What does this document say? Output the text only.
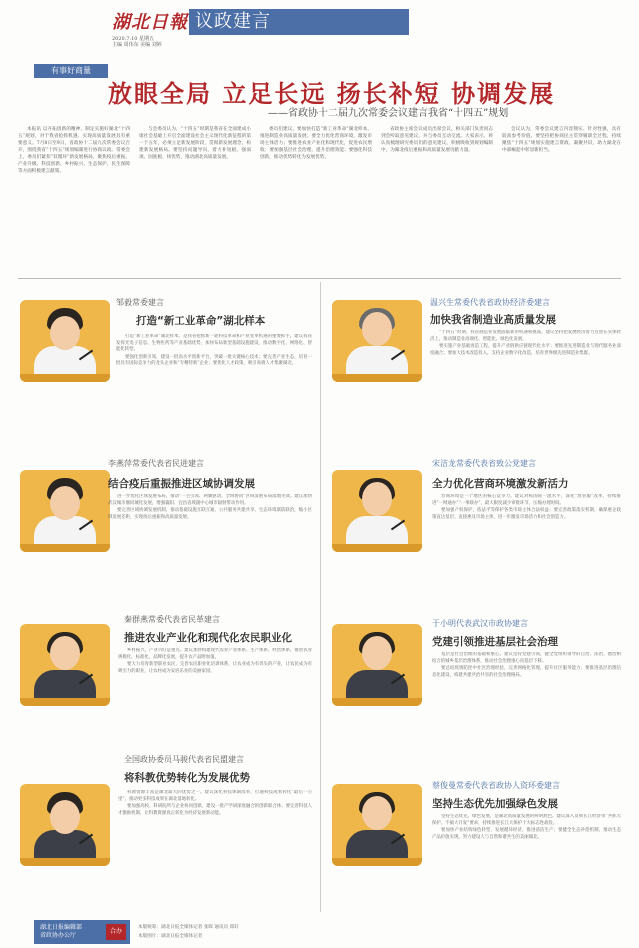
湖北日報
2020.7.10 星期五
主编 周伟东 美编 刘婷
议政建言	07
有事好商量
放眼全局 立足长远 扬长补短 协调发展
——省政协十二届九次常委会议建言我省“十四五”规划

本报讯 以开拓创新的精神、制定实施好湖北“十四五”规划，对于我省抢抓机遇、实现高质量发展具有重要意义。7月8日至9日，省政协十二届九次常委会议召开，围绕我省“十四五”规划编制进行协商议政。常委会上，委员们紧扣“双循环”新发展格局，聚焦疫后重振、产业升级、科技创新、乡村振兴、生态保护、民生保障等方面积极建言献策。

与会委员认为，“十四五”时期是我省在全面建成小康社会基础上开启全面建设社会主义现代化新征程的第一个五年，必须立足新发展阶段，贯彻新发展理念，构建新发展格局。要坚持问题导向，着力补短板、强弱项、固底板、扬优势，推动湖北高质量发展。

委员们建议，要加快打造“新工业革命”湖北样本，推进制造业高质量发展；要全力优化营商环境，激发市场主体活力；要推进农业产业化和现代化，促进农民增收；要加强基层社会治理，提升治理效能；要强化科技创新，推动优势转化为发展优势。

省政协主席会议成员出席会议，相关部门负责同志到会听取意见建议，并与委员互动交流。大家表示，将认真梳理研究委员们的意见建议，积极吸收到规划编制中，为湖北疫后重振和高质量发展贡献力量。

会议认为，常委会议建言内容翔实、针对性强，具有较高参考价值。要坚持把协商民主贯穿履职全过程，持续聚焦“十四五”规划实施建言资政、凝聚共识，助力湖北在中部崛起中彰显新担当。

邹毅常委建言
打造“新工业革命”湖北样本

打造“新工业革命”湖北样本，是我省抢抓新一轮科技革命和产业变革机遇的重要抓手。建议我省发挥光电子信息、生物医药等产业基础优势，加快布局新型基础设施建设，推动数字化、网络化、智能化转型。

要强化创新引领，建设一批高水平创新平台，突破一批关键核心技术；要完善产业生态，培育一批具有国际竞争力的龙头企业和“专精特新”企业；要优化人才政策，吸引高端人才集聚湖北。

李燕萍常委代表省民进建言
结合疫后重振推进区域协调发展

进一步优化区域发展布局，推动“一主引领、两翼驱动、全域协同”区域发展布局落地见效。建议加快武汉城市圈同城化发展，增强襄阳、宜昌省域副中心城市辐射带动作用。

要完善区域协调发展机制，推动基础设施互联互通、公共服务共建共享、生态环境联防联治，缩小区域发展差距，实现疫后重振和高质量发展。

秦群燕常委代表省民革建言
推进农业产业化和现代化农民职业化

乡村振兴，产业兴旺是重点。建议加快构建现代农业产业体系、生产体系、经营体系，推进农业规模化、标准化、品牌化发展，提升农产品附加值。

要大力培育新型职业农民，完善农民职业化培训体系，让农业成为有奔头的产业，让农民成为有吸引力的职业，让农村成为安居乐业的美丽家园。

全国政协委员马骏代表省民盟建言
将科教优势转化为发展优势

科教资源丰富是湖北最大的优势之一。建议深化科技体制改革，打通科技成果转化“最后一公里”，推动更多科技成果在湖北落地转化。

要加强高校、科研院所与企业协同创新，建设一批产学研深度融合的创新联合体；要完善科技人才激励机制，让科教资源真正转化为经济发展新动能。

温兴生常委代表省政协经济委建言
加快我省制造业高质量发展

“十四五”时期，我省制造业发展面临新的机遇和挑战。建议坚持把发展经济着力点放在实体经济上，推动制造业高端化、智能化、绿色化发展。

要实施产业基础再造工程，提升产业链供应链现代化水平；要推进先进制造业与现代服务业深度融合；要加大技术改造投入，支持企业数字化改造，培育世界级先进制造业集群。

宋洁龙常委代表省致公党建言
全力优化营商环境激发新活力

营商环境是一个地区的核心竞争力。建议对标国际一流水平，深化“放管服”改革，持续推进“一网通办”“一事联办”，最大限度减少审批环节、压缩办理时间。

要加强产权保护，依法平等保护各类市场主体合法权益；要完善政策落实机制，确保惠企政策直达基层、直接惠及市场主体，进一步激发市场活力和社会创造力。

于小明代表武汉市政协建言
党建引领推进基层社会治理

基层是社会治理的基础和重心。建议坚持党建引领，健全党组织领导的自治、法治、德治相结合的城乡基层治理体系，推动社会治理重心向基层下移。

要总结疫情防控中社区治理经验，完善网格化管理，提升社区服务能力；要推进基层治理信息化建设，构建共建共治共享的社会治理格局。

蔡俊曼常委代表省政协人资环委建言
坚持生态优先加强绿色发展

坚持生态优先、绿色发展，是湖北高质量发展的鲜明底色。建议深入贯彻长江经济带“共抓大保护、不搞大开发”要求，持续推进长江大保护十大标志性战役。

要加快产业结构绿色转型，发展循环经济，推进清洁生产；要健全生态补偿机制，推动生态产品价值实现，努力建设人与自然和谐共生的美丽湖北。

湖北日报编辑部
省政协办公厅
合办
本版统筹：湖北日报全媒体记者 张晖 通讯员 郑轩
本版图片：湖北日报全媒体记者
